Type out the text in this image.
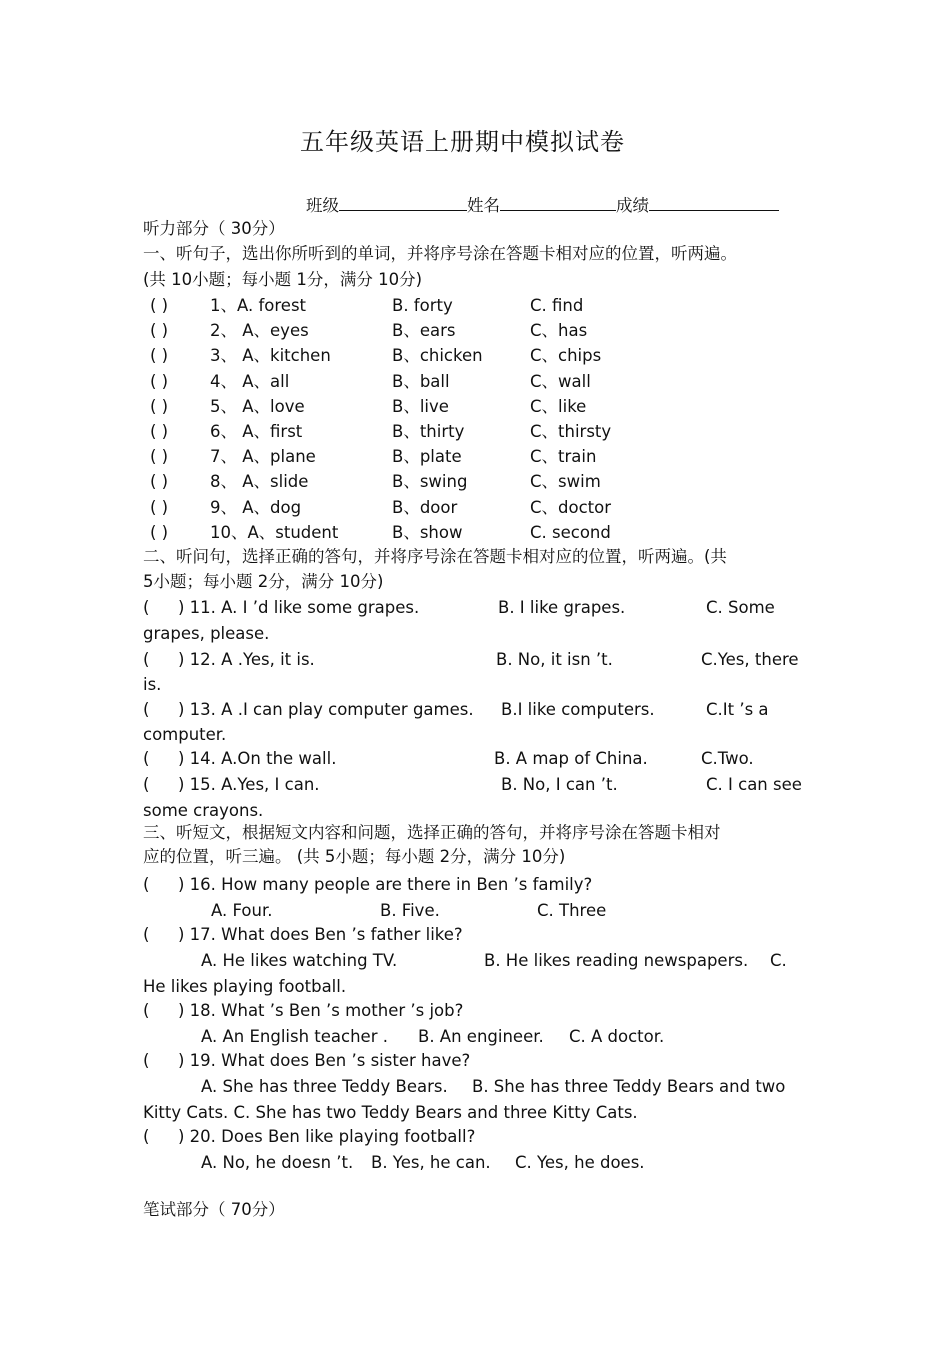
五年级英语上册期中模拟试卷
班级	姓名	成绩
听力部分（ 30分）
一、听句子，选出你所听到的单词，并将序号涂在答题卡相对应的位置，听两遍。
(共 10小题；每小题 1分，满分 10分)
( )	1、A. forest	B. forty	C. find
( )	2、 A、eyes	B、ears	C、has
( )	3、 A、kitchen	B、chicken	C、chips
( )	4、 A、all	B、ball	C、wall
( )	5、 A、love	B、live	C、like
( )	6、 A、first	B、thirty	C、thirsty
( )	7、 A、plane	B、plate	C、train
( )	8、 A、slide	B、swing	C、swim
( )	9、 A、dog	B、door	C、doctor
( )	10、A、student	B、show	C. second
二、听问句，选择正确的答句，并将序号涂在答题卡相对应的位置，听两遍。(共
5小题；每小题 2分，满分 10分)
( ) 11. A. I ’d like some grapes.	B. I like grapes.	C. Some
grapes, please.
( ) 12. A .Yes, it is.	B. No, it isn ’t.	C.Yes, there
is.
( ) 13. A .I can play computer games. B.I like computers.	C.It ’s a
computer.
( ) 14. A.On the wall.	B. A map of China.	C.Two.
( ) 15. A.Yes, I can.	B. No, I can ’t.	C. I can see
some crayons.
三、听短文，根据短文内容和问题，选择正确的答句，并将序号涂在答题卡相对
应的位置，听三遍。 (共 5小题；每小题 2分，满分 10分)
( ) 16. How many people are there in Ben ’s family?
A. Four.	B. Five.	C. Three
( ) 17. What does Ben ’s father like?
A. He likes watching TV.	B. He likes reading newspapers. C.
He likes playing football.
( ) 18. What ’s Ben ’s mother ’s job?
A. An English teacher . B. An engineer. C. A doctor.
( ) 19. What does Ben ’s sister have?
A. She has three Teddy Bears. B. She has three Teddy Bears and two
Kitty Cats. C. She has two Teddy Bears and three Kitty Cats.
( ) 20. Does Ben like playing football?
A. No, he doesn ’t. B. Yes, he can. C. Yes, he does.
笔试部分（ 70分）
